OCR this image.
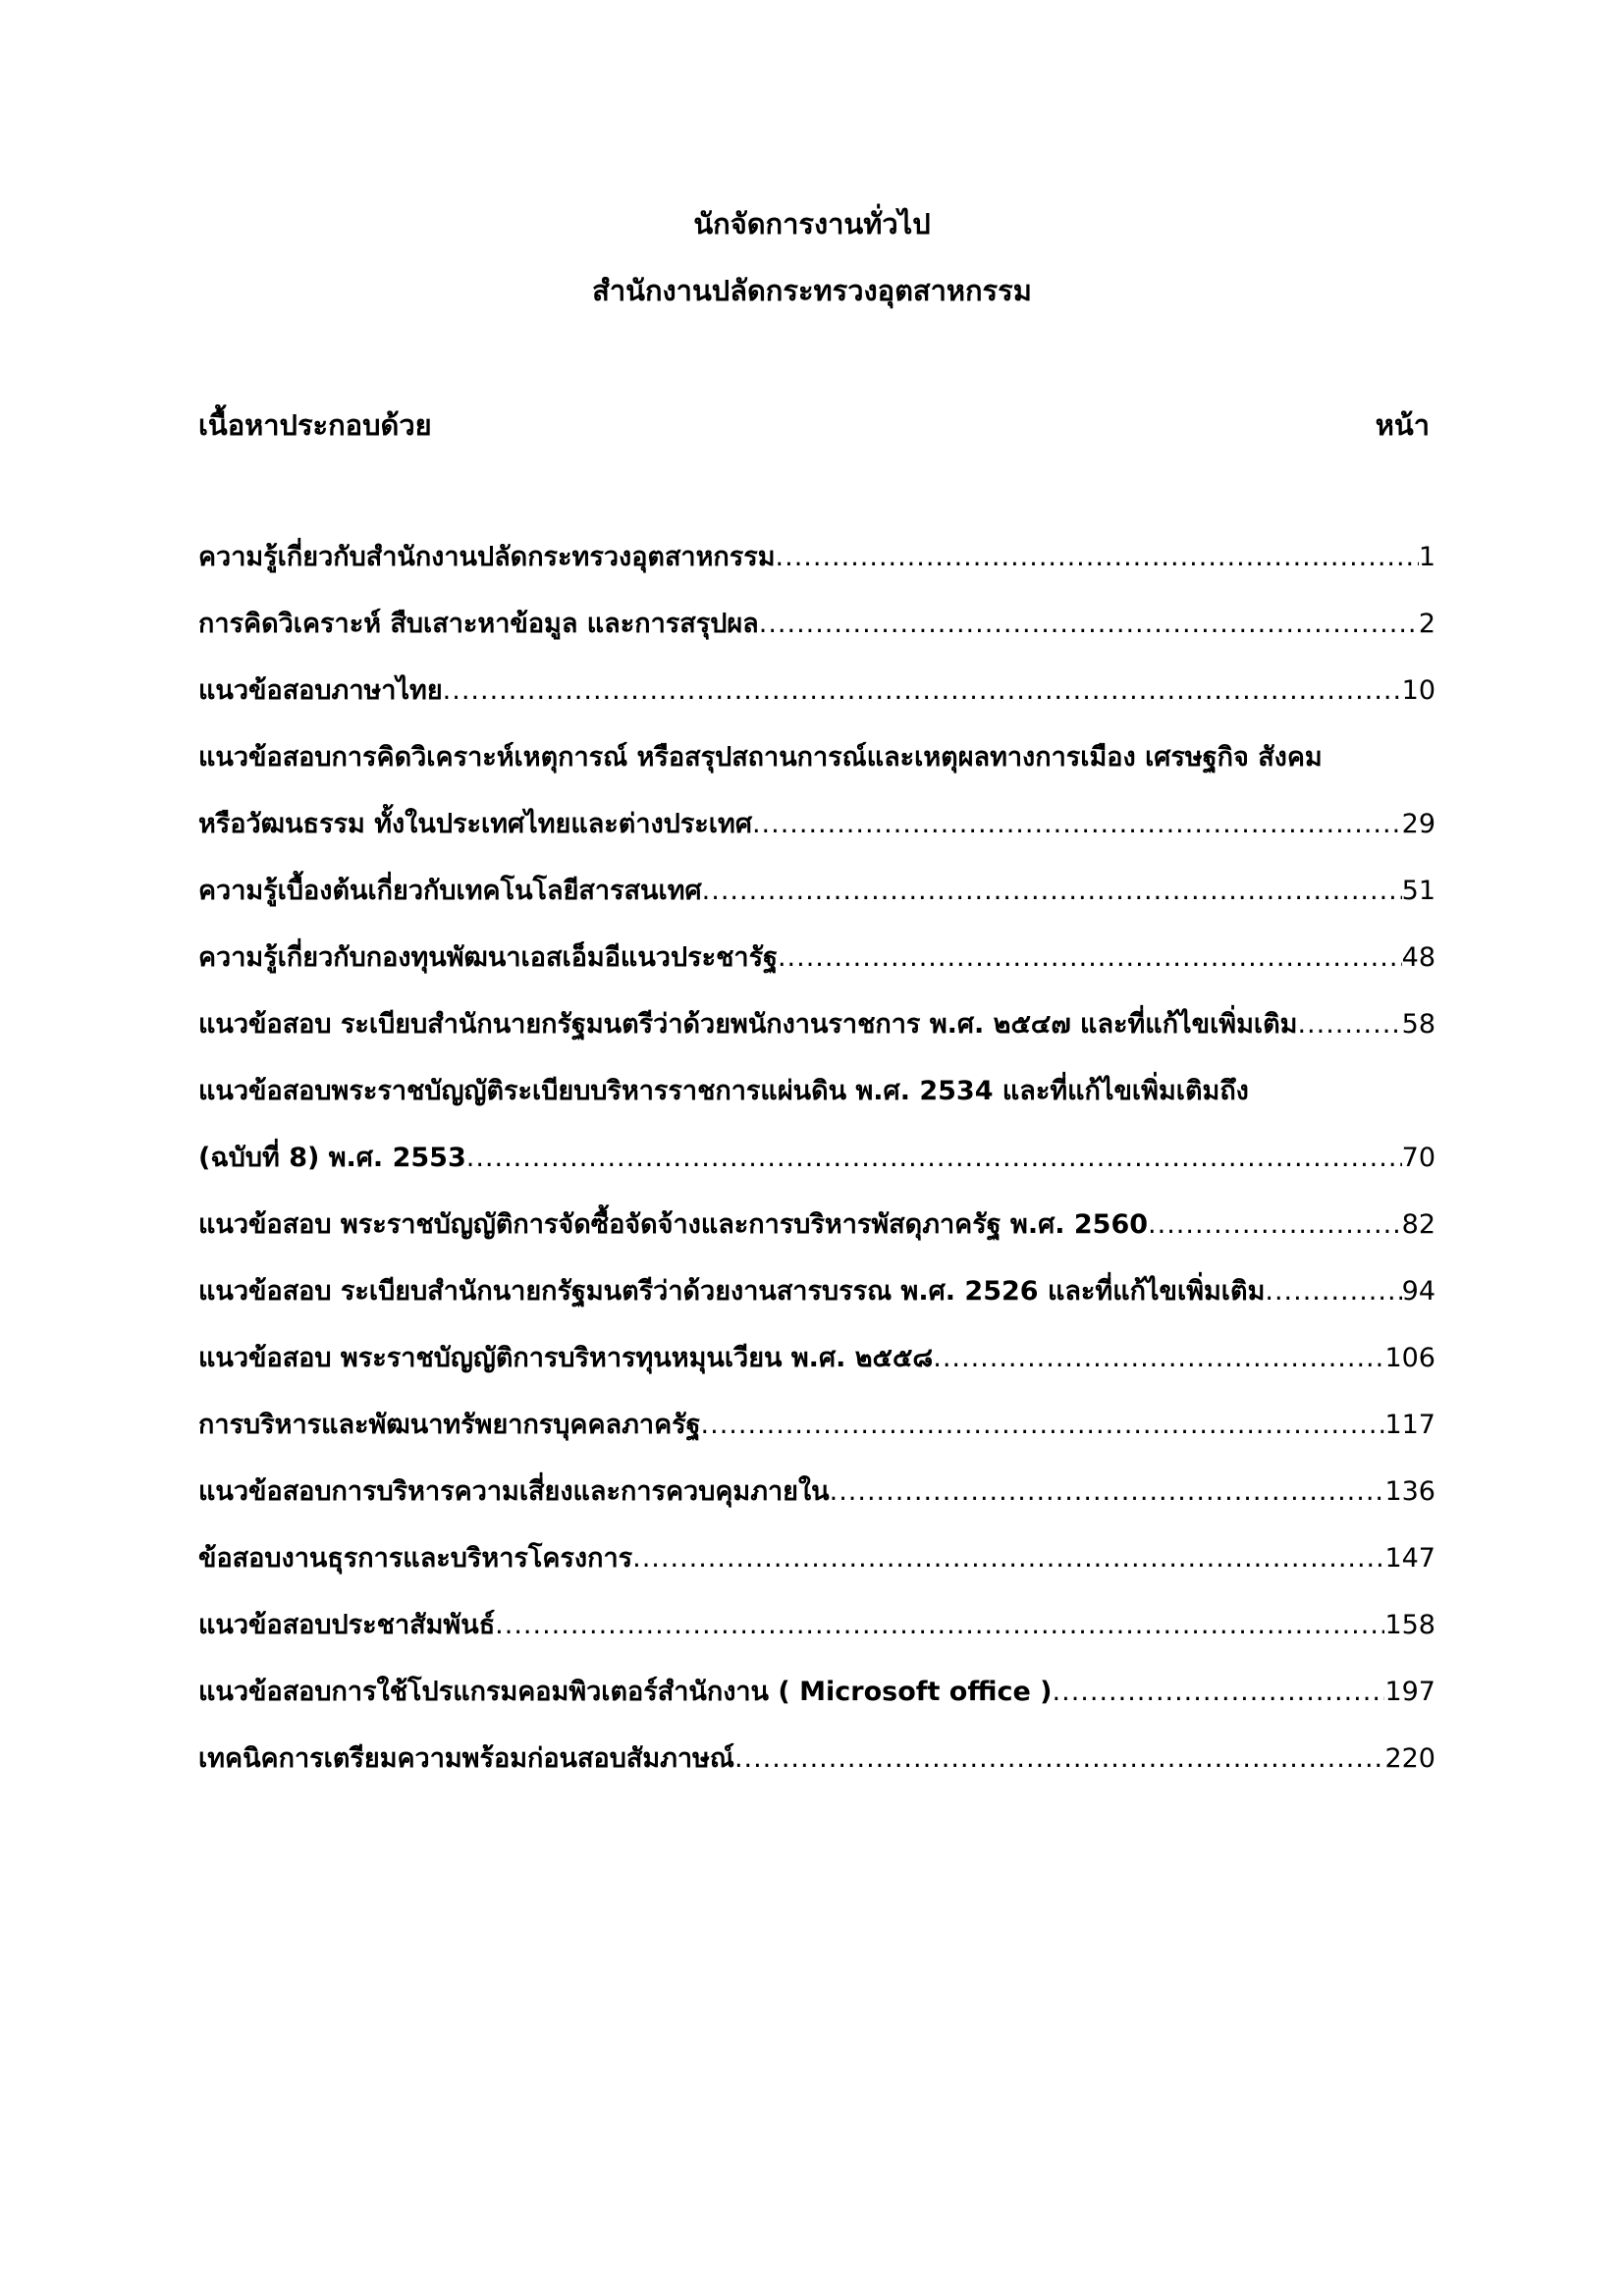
นักจัดการงานทั่วไป
สำนักงานปลัดกระทรวงอุตสาหกรรม
เนื้อหาประกอบด้วย	หน้า
ความรู้เกี่ยวกับสำนักงานปลัดกระทรวงอุตสาหกรรม .....	1
การคิดวิเคราะห์ สืบเสาะหาข้อมูล และการสรุปผล .....	2
แนวข้อสอบภาษาไทย .....	10
แนวข้อสอบการคิดวิเคราะห์เหตุการณ์ หรือสรุปสถานการณ์และเหตุผลทางการเมือง เศรษฐกิจ สังคม
หรือวัฒนธรรม ทั้งในประเทศไทยและต่างประเทศ .....	29
ความรู้เบื้องต้นเกี่ยวกับเทคโนโลยีสารสนเทศ .....	51
ความรู้เกี่ยวกับกองทุนพัฒนาเอสเอ็มอีแนวประชารัฐ .....	48
แนวข้อสอบ ระเบียบสำนักนายกรัฐมนตรีว่าด้วยพนักงานราชการ พ.ศ. ๒๕๔๗ และที่แก้ไขเพิ่มเติม .....	58
แนวข้อสอบพระราชบัญญัติระเบียบบริหารราชการแผ่นดิน พ.ศ. 2534 และที่แก้ไขเพิ่มเติมถึง
(ฉบับที่ 8) พ.ศ. 2553 .....	70
แนวข้อสอบ พระราชบัญญัติการจัดซื้อจัดจ้างและการบริหารพัสดุภาครัฐ พ.ศ. 2560 .....	82
แนวข้อสอบ ระเบียบสำนักนายกรัฐมนตรีว่าด้วยงานสารบรรณ พ.ศ. 2526 และที่แก้ไขเพิ่มเติม .....	94
แนวข้อสอบ พระราชบัญญัติการบริหารทุนหมุนเวียน พ.ศ. ๒๕๕๘ .....	106
การบริหารและพัฒนาทรัพยากรบุคคลภาครัฐ .....	117
แนวข้อสอบการบริหารความเสี่ยงและการควบคุมภายใน .....	136
ข้อสอบงานธุรการและบริหารโครงการ .....	147
แนวข้อสอบประชาสัมพันธ์ .....	158
แนวข้อสอบการใช้โปรแกรมคอมพิวเตอร์สำนักงาน ( Microsoft office ) .....	197
เทคนิคการเตรียมความพร้อมก่อนสอบสัมภาษณ์ .....	220
